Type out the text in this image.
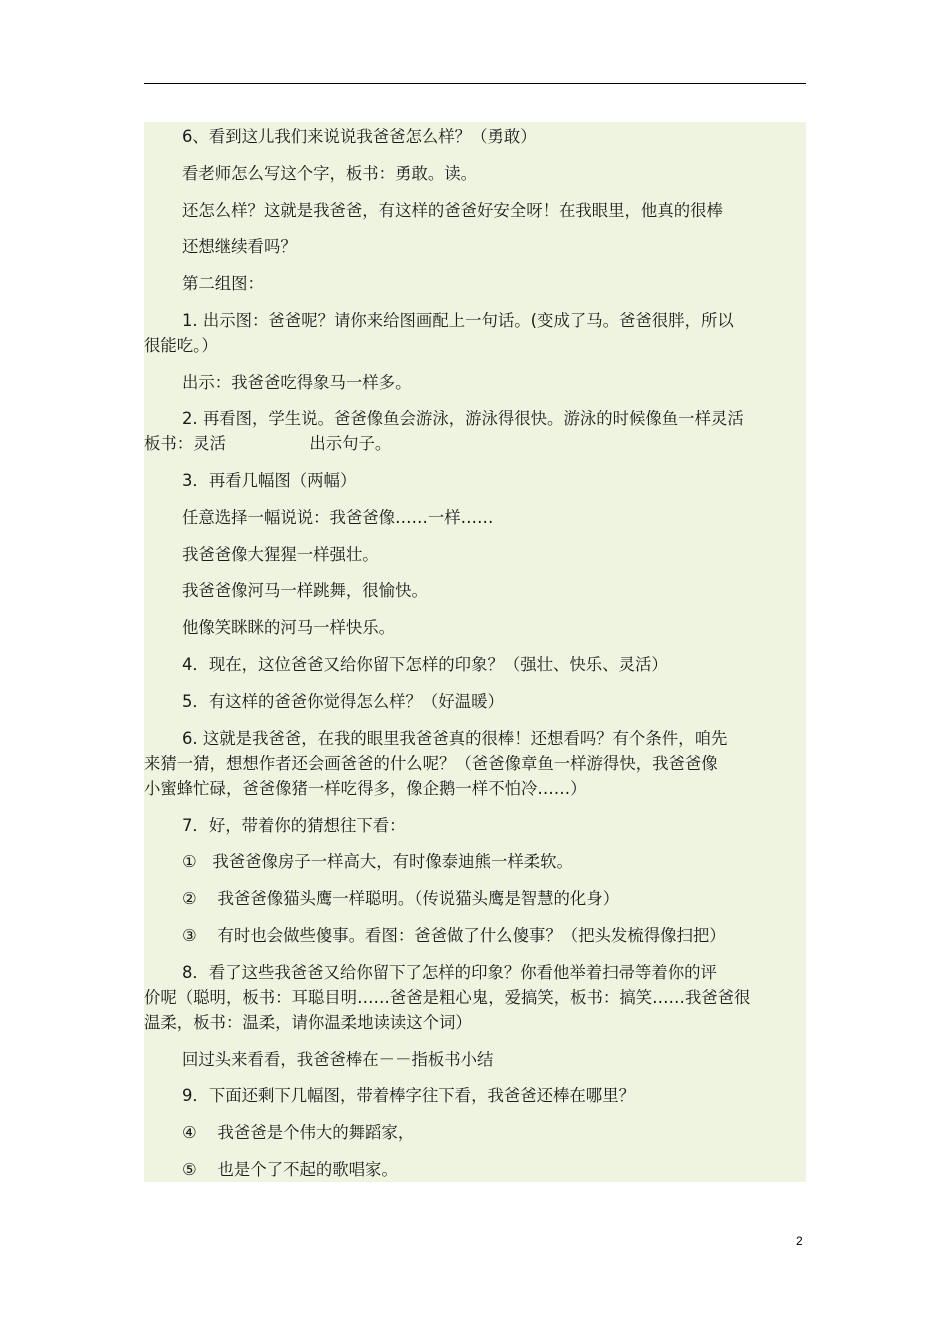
6、看到这儿我们来说说我爸爸怎么样？（勇敢）
看老师怎么写这个字，板书：勇敢。读。
还怎么样？这就是我爸爸，有这样的爸爸好安全呀！在我眼里，他真的很棒
还想继续看吗？
第二组图：
1. 出示图：爸爸呢？请你来给图画配上一句话。(变成了马。爸爸很胖，所以
很能吃。）
出示：我爸爸吃得象马一样多。
2. 再看图，学生说。爸爸像鱼会游泳，游泳得很快。游泳的时候像鱼一样灵活
板书：灵活                出示句子。
3．再看几幅图（两幅）
任意选择一幅说说：我爸爸像……一样……
我爸爸像大猩猩一样强壮。
我爸爸像河马一样跳舞，很愉快。
他像笑眯眯的河马一样快乐。
4．现在，这位爸爸又给你留下怎样的印象？（强壮、快乐、灵活）
5．有这样的爸爸你觉得怎么样？（好温暖）
6. 这就是我爸爸，在我的眼里我爸爸真的很棒！还想看吗？有个条件，咱先
来猜一猜，想想作者还会画爸爸的什么呢？（爸爸像章鱼一样游得快，我爸爸像
小蜜蜂忙碌，爸爸像猪一样吃得多，像企鹅一样不怕冷……）
7．好，带着你的猜想往下看：
①   我爸爸像房子一样高大，有时像泰迪熊一样柔软。
②    我爸爸像猫头鹰一样聪明。（传说猫头鹰是智慧的化身）
③    有时也会做些傻事。看图：爸爸做了什么傻事？（把头发梳得像扫把）
8．看了这些我爸爸又给你留下了怎样的印象？你看他举着扫帚等着你的评
价呢（聪明，板书：耳聪目明……爸爸是粗心鬼，爱搞笑，板书：搞笑……我爸爸很
温柔，板书：温柔，请你温柔地读读这个词）
回过头来看看，我爸爸棒在－－指板书小结
9．下面还剩下几幅图，带着棒字往下看，我爸爸还棒在哪里？
④    我爸爸是个伟大的舞蹈家，
⑤    也是个了不起的歌唱家。
2
